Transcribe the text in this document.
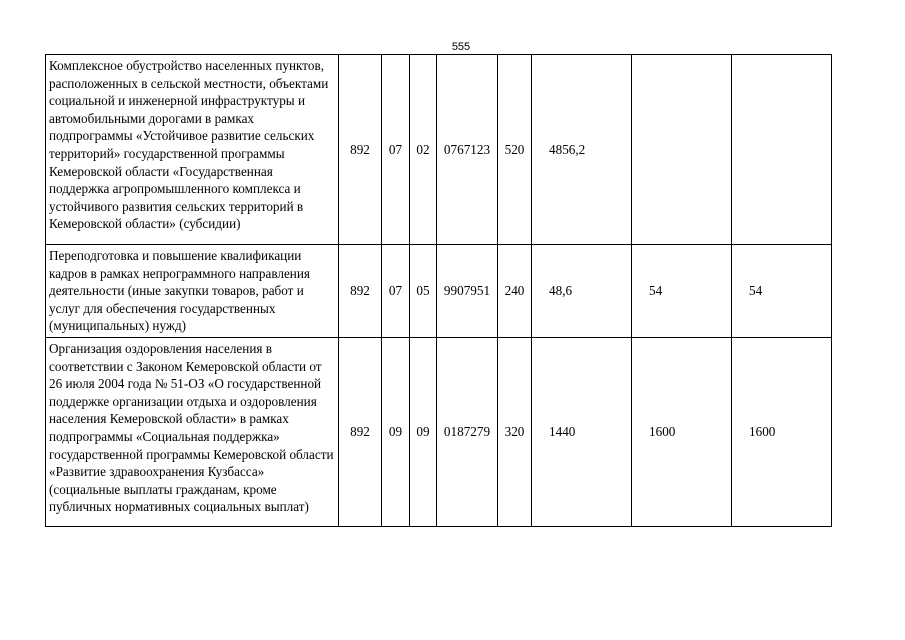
555
Комплексное обустройство населенных пунктов, расположенных в сельской местности, объектами социальной и инженерной инфраструктуры и автомобильными дорогами в рамках подпрограммы «Устойчивое развитие сельских территорий» государственной программы Кемеровской области «Государственная поддержка агропромышленного комплекса и устойчивого развития сельских территорий в Кемеровской области» (субсидии)	892	07	02	0767123	520	4856,2		
Переподготовка и повышение квалификации кадров в рамках непрограммного направления деятельности (иные закупки товаров, работ и услуг для обеспечения государственных (муниципальных) нужд)	892	07	05	9907951	240	48,6	54	54
Организация оздоровления населения в соответствии с Законом Кемеровской области от 26 июля 2004 года № 51-ОЗ «О государственной поддержке организации отдыха и оздоровления населения Кемеровской области» в рамках подпрограммы «Социальная поддержка» государственной программы Кемеровской области «Развитие здравоохранения Кузбасса» (социальные выплаты гражданам, кроме публичных нормативных социальных выплат)	892	09	09	0187279	320	1440	1600	1600
